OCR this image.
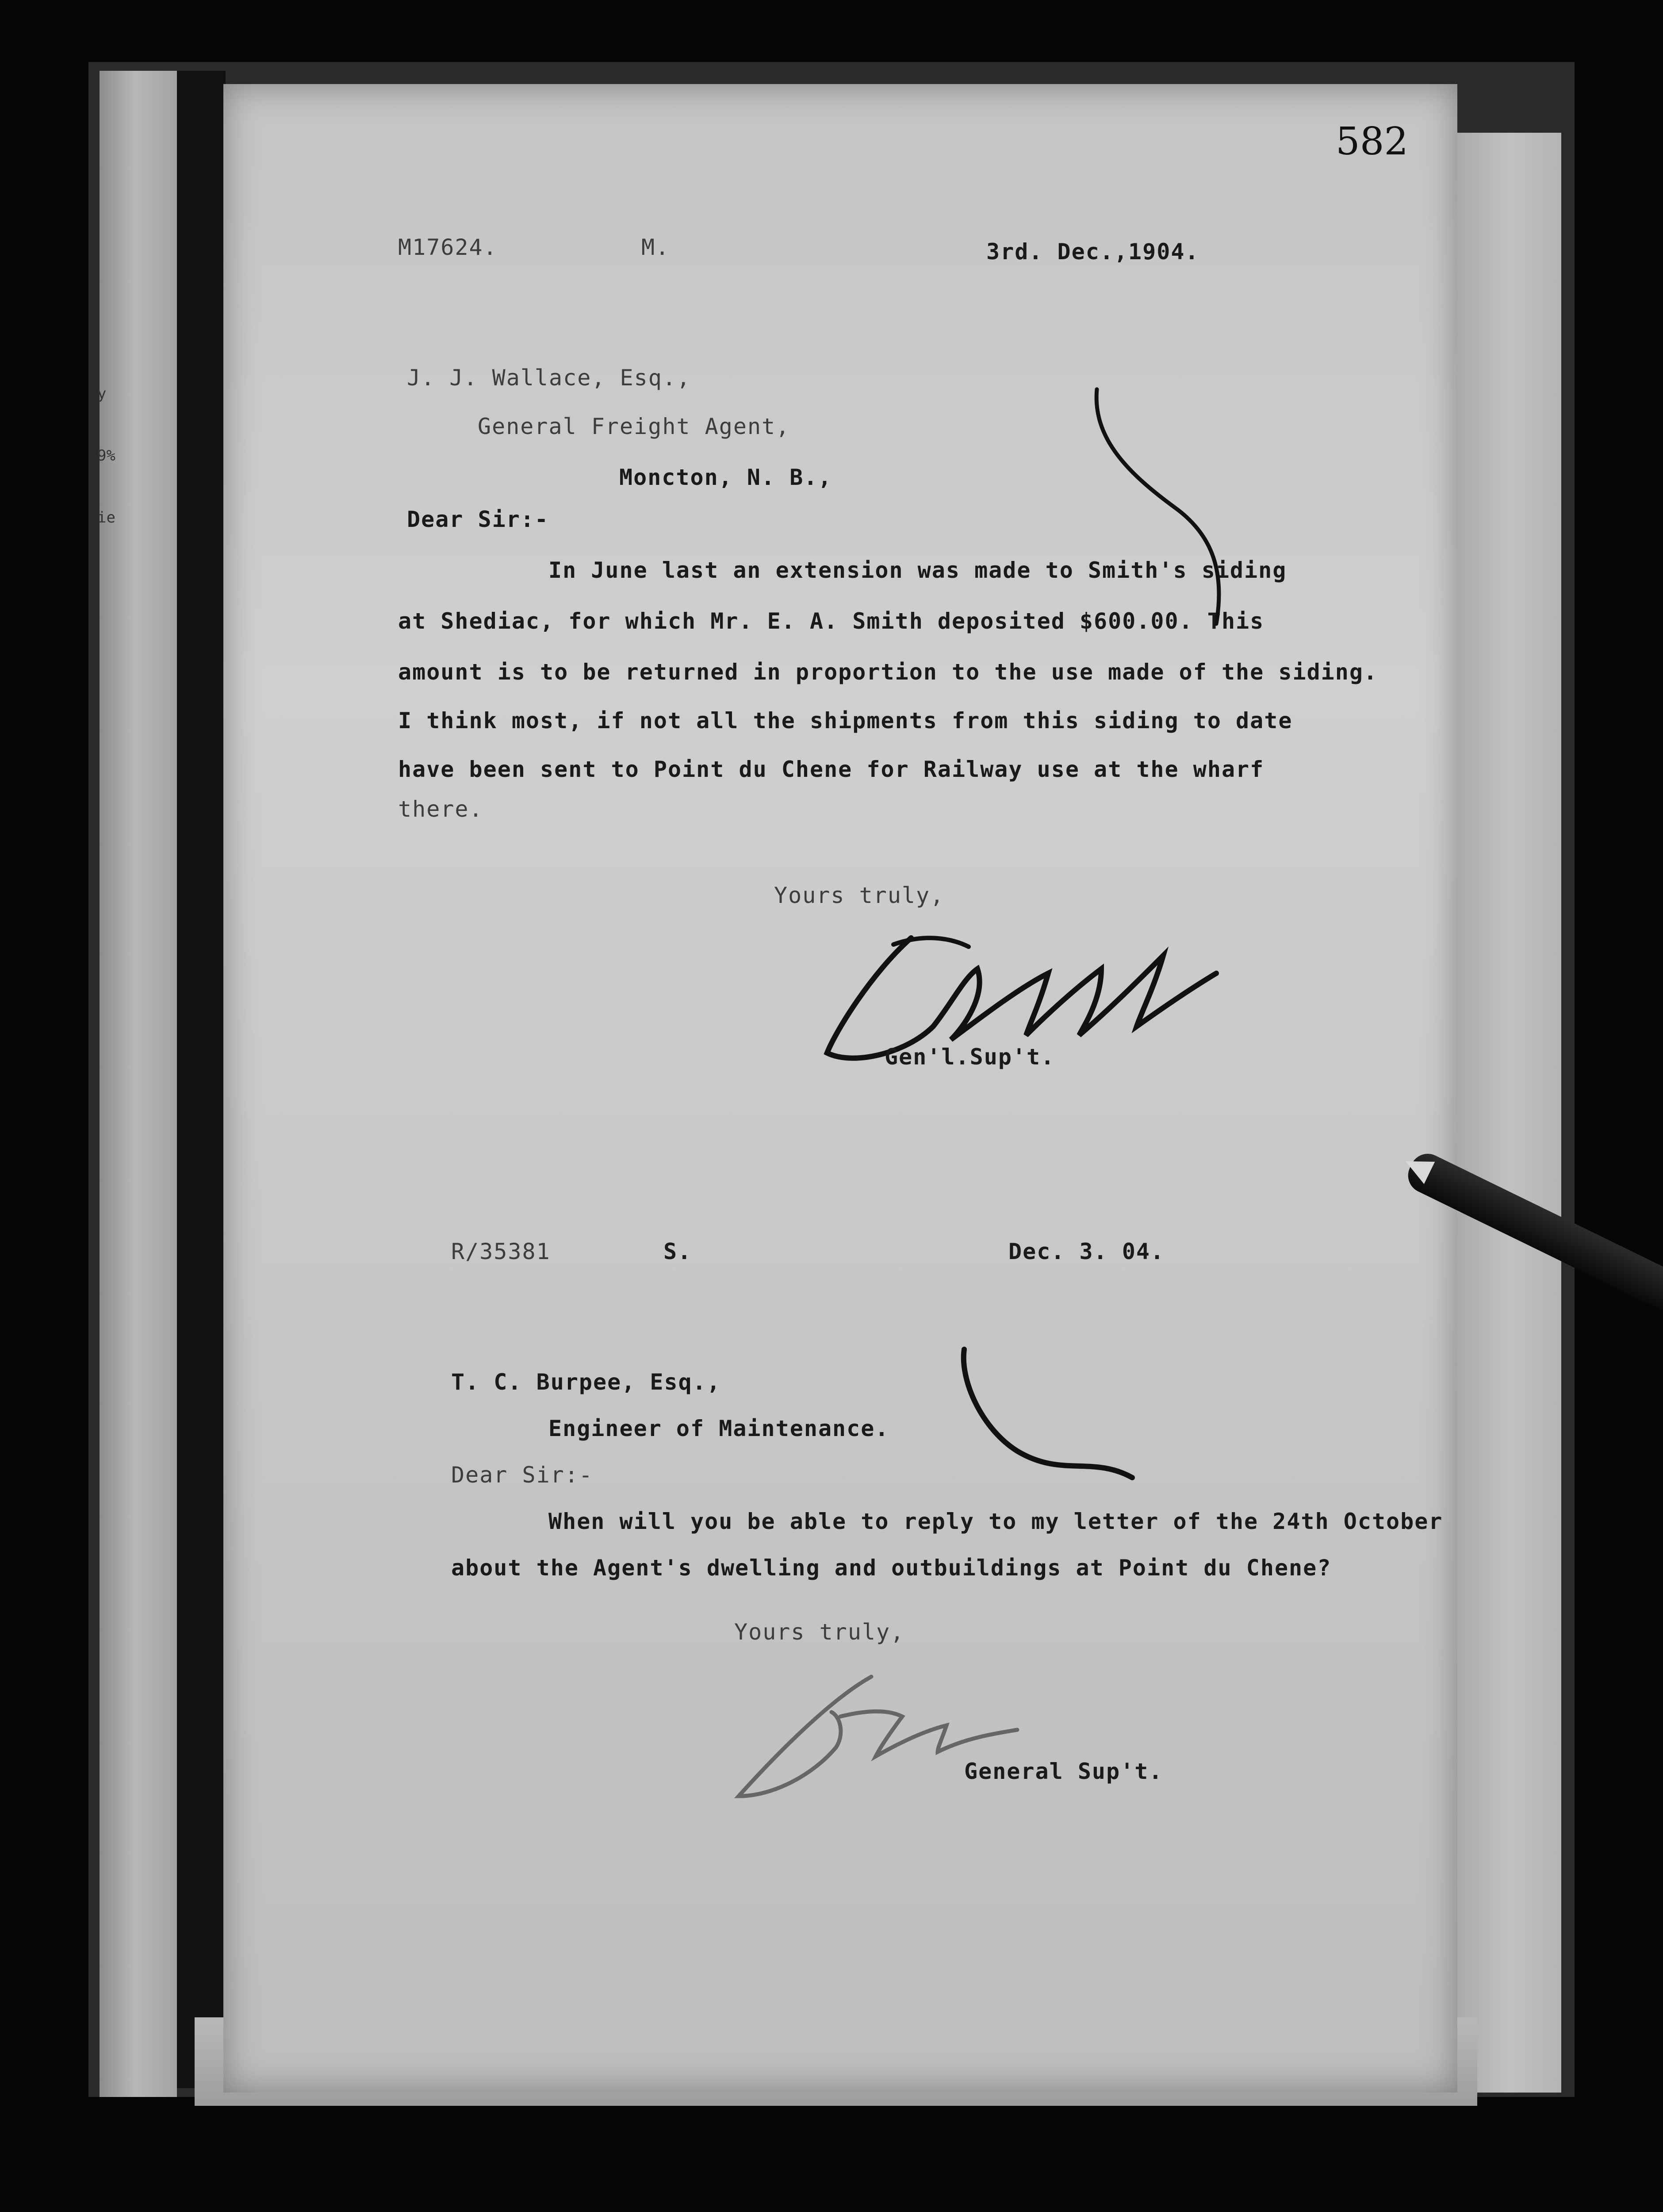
y
9%
ie
582
M17624.	M.	3rd. Dec.,1904.
J. J. Wallace, Esq.,
General Freight Agent,
Moncton, N. B.,
Dear Sir:-
In June last an extension was made to Smith's siding
at Shediac, for which Mr. E. A. Smith deposited $600.00. This
amount is to be returned in proportion to the use made of the siding.
I think most, if not all the shipments from this siding to date
have been sent to Point du Chene for Railway use at the wharf
there.
Yours truly,
Gen'l.Sup't.
R/35381	S.	Dec. 3. 04.
T. C. Burpee, Esq.,
Engineer of Maintenance.
Dear Sir:-
When will you be able to reply to my letter of the 24th October
about the Agent's dwelling and outbuildings at Point du Chene?
Yours truly,
General Sup't.
